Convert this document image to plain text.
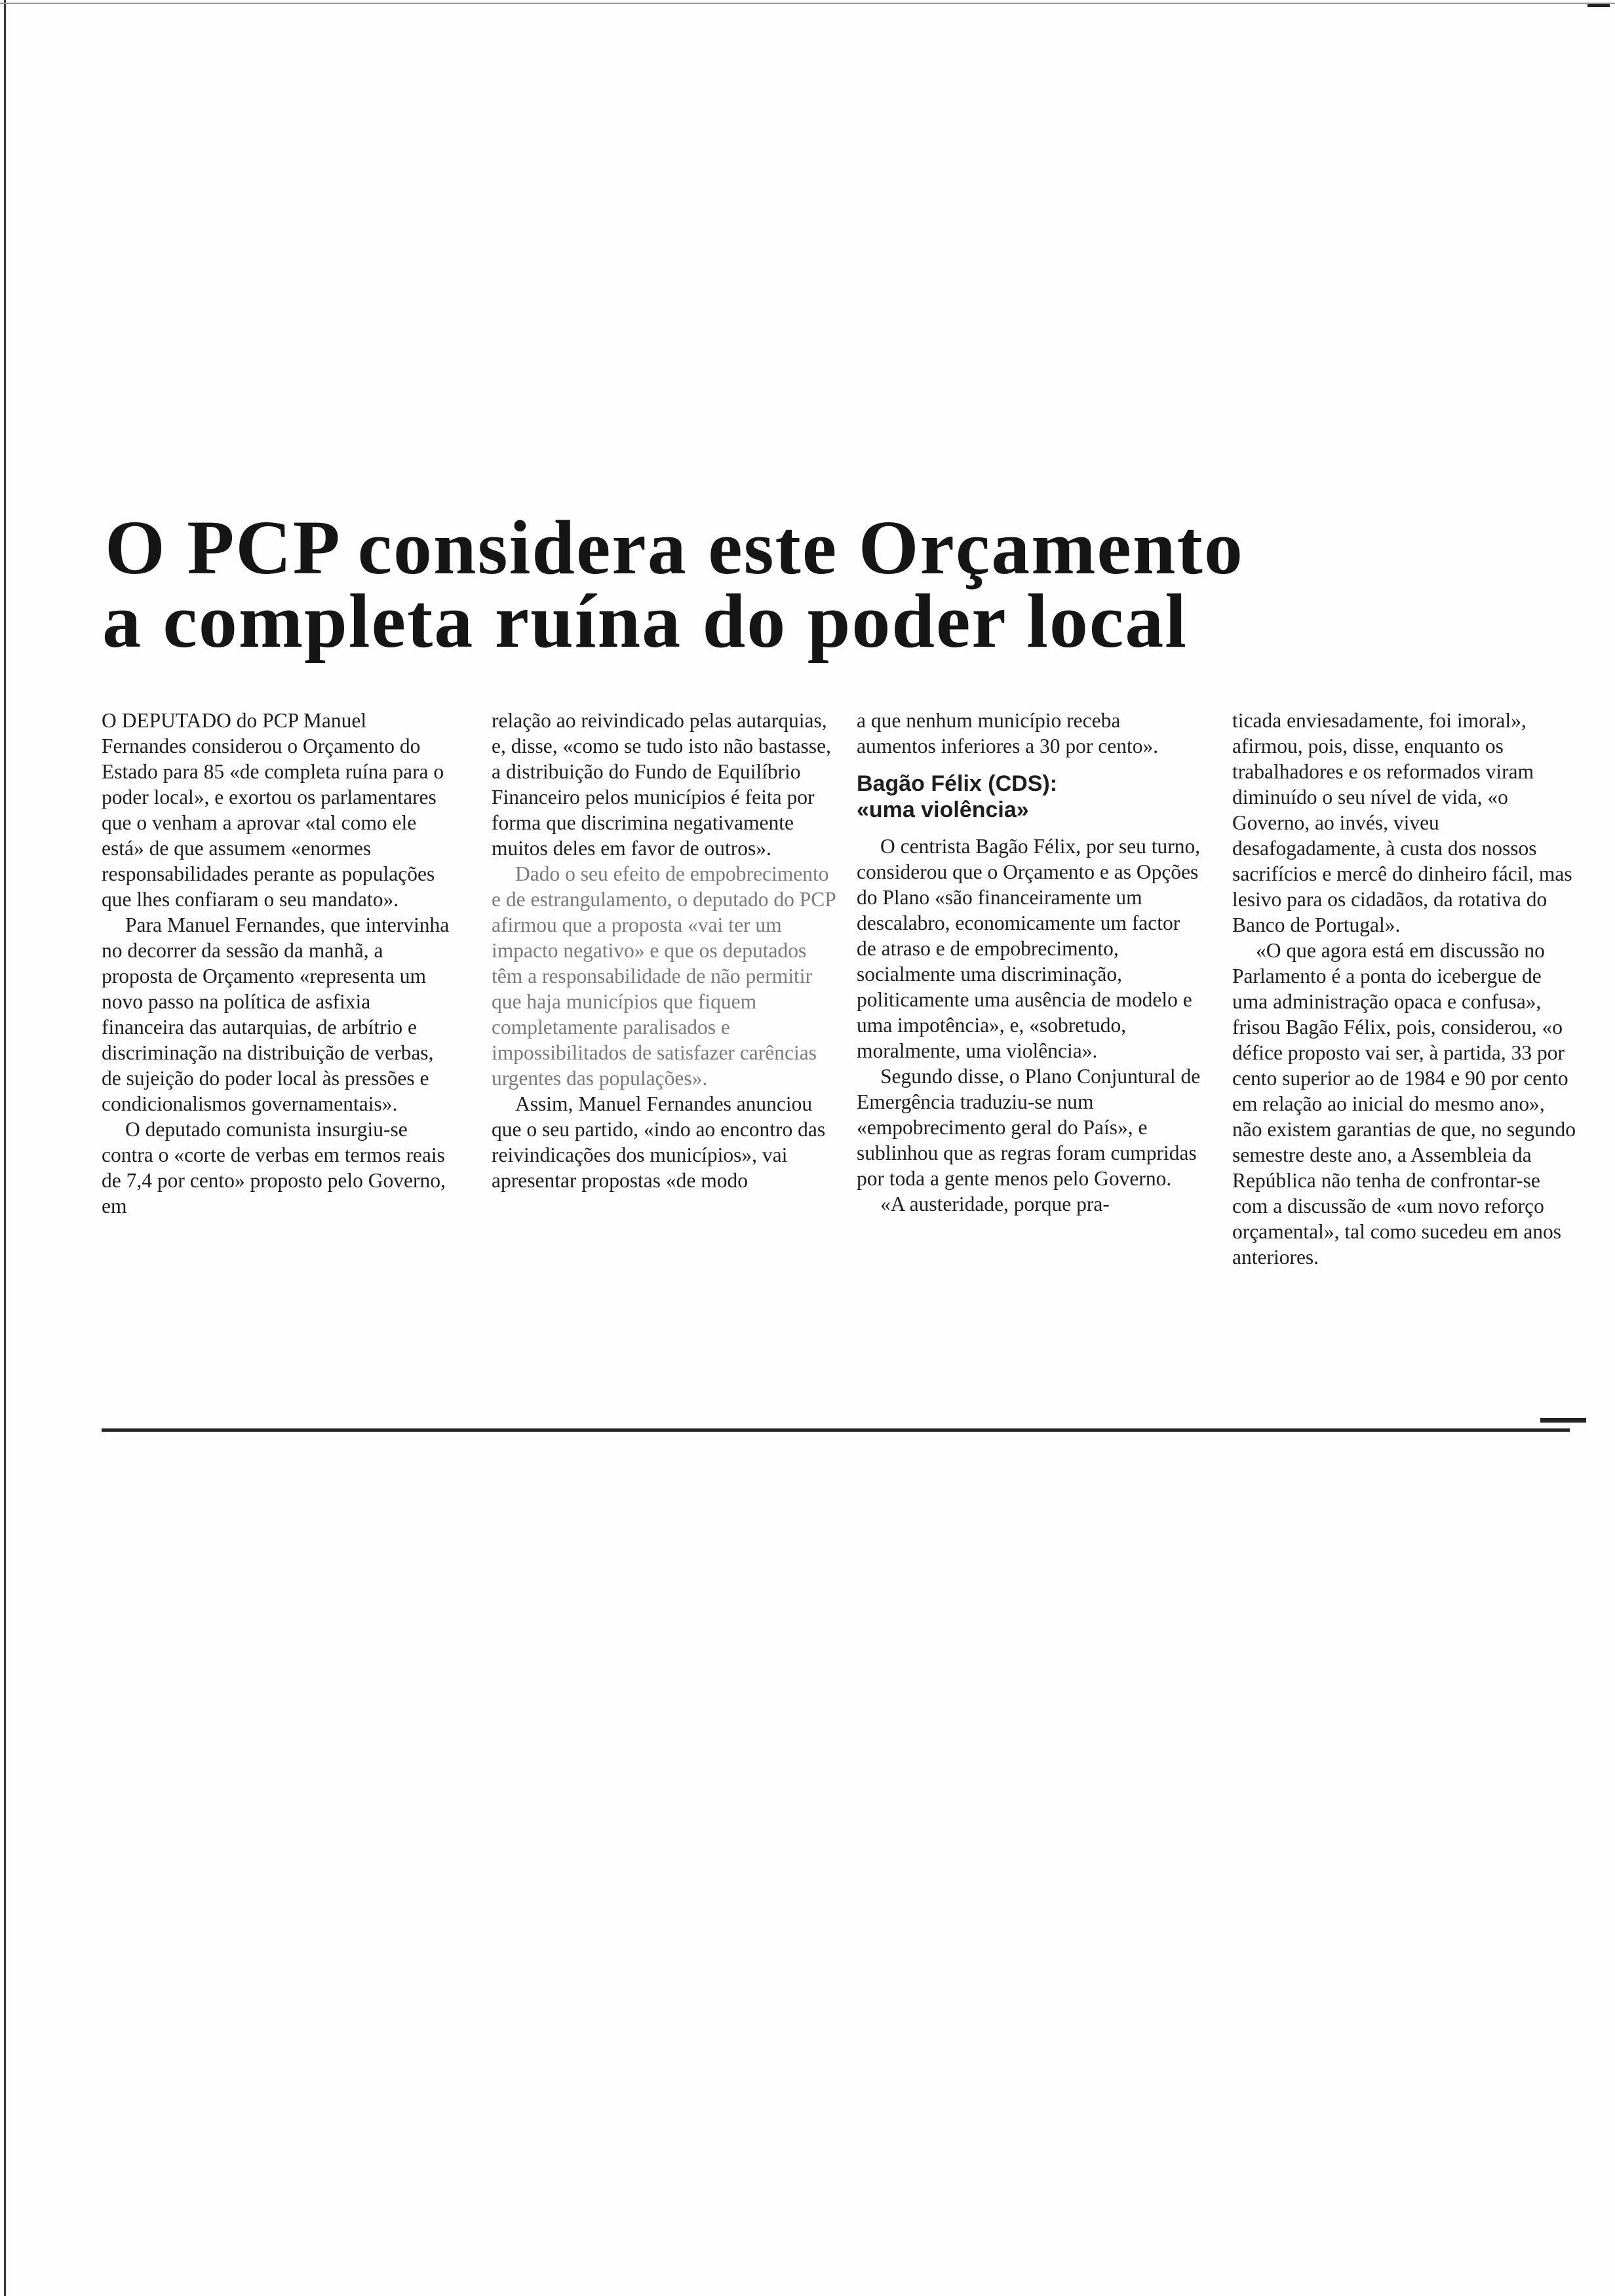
O PCP considera este Orçamento
a completa ruína do poder local

O DEPUTADO do PCP Manuel Fernandes considerou o Orçamento do Estado para 85 «de completa ruína para o poder local», e exortou os parlamentares que o venham a aprovar «tal como ele está» de que assumem «enormes responsabilidades perante as populações que lhes confiaram o seu mandato».

Para Manuel Fernandes, que intervinha no decorrer da sessão da manhã, a proposta de Orçamento «representa um novo passo na política de asfixia financeira das autarquias, de arbítrio e discriminação na distribuição de verbas, de sujeição do poder local às pressões e condicionalismos governamentais».

O deputado comunista insurgiu-se contra o «corte de verbas em termos reais de 7,4 por cento» proposto pelo Governo, em

relação ao reivindicado pelas autarquias, e, disse, «como se tudo isto não bastasse, a distribuição do Fundo de Equilíbrio Financeiro pelos municípios é feita por forma que discrimina negativamente muitos deles em favor de outros».

Dado o seu efeito de empobrecimento e de estrangulamento, o deputado do PCP afirmou que a proposta «vai ter um impacto negativo» e que os deputados têm a responsabilidade de não permitir que haja municípios que fiquem completamente paralisados e impossibilitados de satisfazer carências urgentes das populações».

Assim, Manuel Fernandes anunciou que o seu partido, «indo ao encontro das reivindicações dos municípios», vai apresentar propostas «de modo

a que nenhum município receba aumentos inferiores a 30 por cento».

Bagão Félix (CDS):
«uma violência»

O centrista Bagão Félix, por seu turno, considerou que o Orçamento e as Opções do Plano «são financeiramente um descalabro, economicamente um factor de atraso e de empobrecimento, socialmente uma discriminação, politicamente uma ausência de modelo e uma impotência», e, «sobretudo, moralmente, uma violência».

Segundo disse, o Plano Conjuntural de Emergência traduziu-se num «empobrecimento geral do País», e sublinhou que as regras foram cumpridas por toda a gente menos pelo Governo.

«A austeridade, porque pra-

ticada enviesadamente, foi imoral», afirmou, pois, disse, enquanto os trabalhadores e os reformados viram diminuído o seu nível de vida, «o Governo, ao invés, viveu desafogadamente, à custa dos nossos sacrifícios e mercê do dinheiro fácil, mas lesivo para os cidadãos, da rotativa do Banco de Portugal».

«O que agora está em discussão no Parlamento é a ponta do icebergue de uma administração opaca e confusa», frisou Bagão Félix, pois, considerou, «o défice proposto vai ser, à partida, 33 por cento superior ao de 1984 e 90 por cento em relação ao inicial do mesmo ano», não existem garantias de que, no segundo semestre deste ano, a Assembleia da República não tenha de confrontar-se com a discussão de «um novo reforço orçamental», tal como sucedeu em anos anteriores.
